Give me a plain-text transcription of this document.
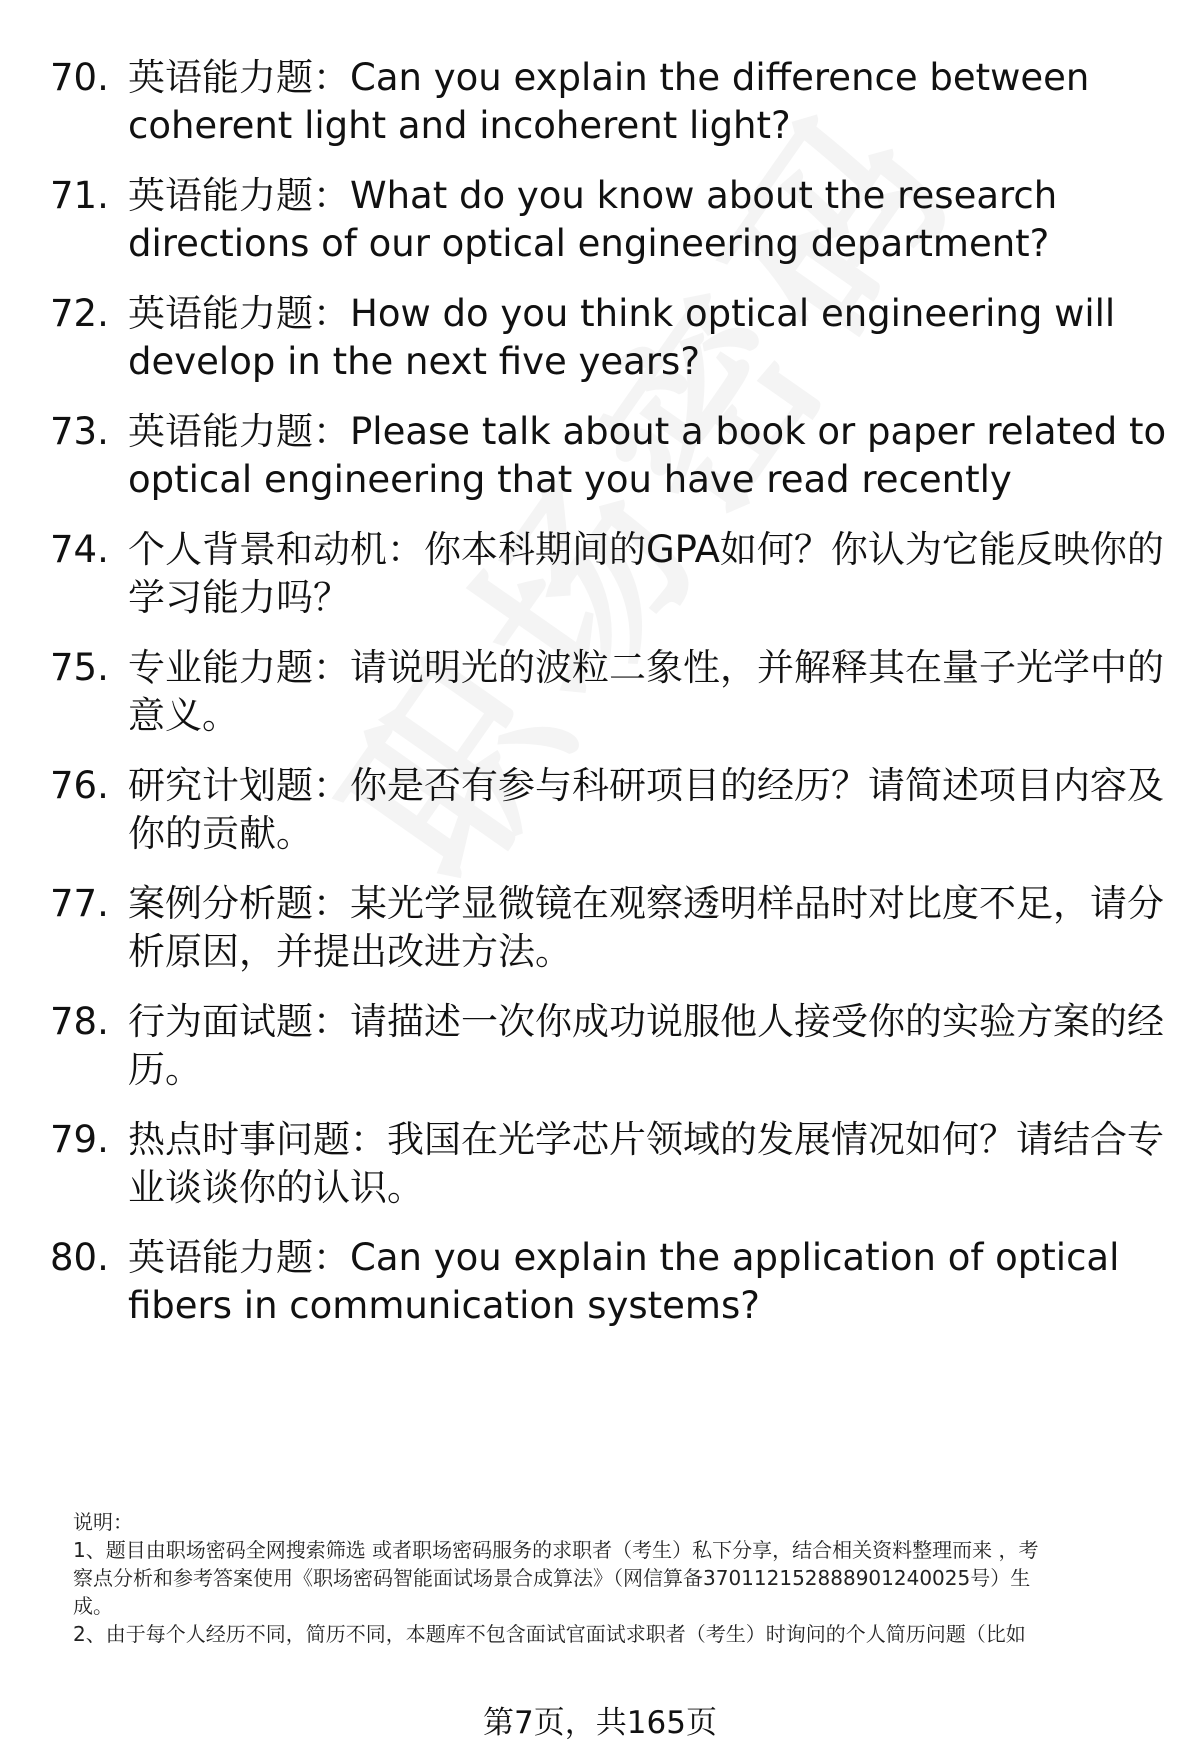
70. 英语能力题：Can you explain the difference between
coherent light and incoherent light?
71. 英语能力题：What do you know about the research
directions of our optical engineering department?
72. 英语能力题：How do you think optical engineering will
develop in the next five years?
73. 英语能力题：Please talk about a book or paper related to
optical engineering that you have read recently
74. 个人背景和动机：你本科期间的GPA如何？你认为它能反映你的
学习能力吗？
75. 专业能力题：请说明光的波粒二象性，并解释其在量子光学中的
意义。
76. 研究计划题：你是否有参与科研项目的经历？请简述项目内容及
你的贡献。
77. 案例分析题：某光学显微镜在观察透明样品时对比度不足，请分
析原因，并提出改进方法。
78. 行为面试题：请描述一次你成功说服他人接受你的实验方案的经
历。
79. 热点时事问题：我国在光学芯片领域的发展情况如何？请结合专
业谈谈你的认识。
80. 英语能力题：Can you explain the application of optical
fibers in communication systems?
说明：
1、题目由职场密码全网搜索筛选 或者职场密码服务的求职者（考生）私下分享，结合相关资料整理而来 ，考
察点分析和参考答案使用《职场密码智能面试场景合成算法》（网信算备370112152888901240025号）生
成。
2、由于每个人经历不同，简历不同，本题库不包含面试官面试求职者（考生）时询问的个人简历问题（比如
第7页，共165页
